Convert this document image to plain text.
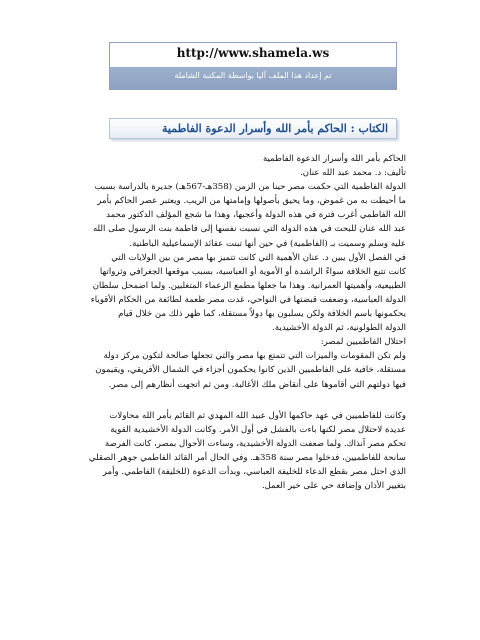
http://www.shamela.ws
تم إعداد هذا الملف آليا بواسطة المكتبة الشاملة
الكتاب : الحاكم بأمر الله وأسرار الدعوة الفاطمية

الحاكم بأمر الله وأسرار الدعوة الفاطمية

تأليف: د. محمد عبد الله عنان.

الدولة الفاطمية التي حكمت مصر حينا من الزمن (358هـ-567هـ) جديرة بالدراسة بسبب

ما أحيطت به من غموض، وما يحيق بأصولها وإمامتها من الريب. ويعتبر عصر الحاكم بأمر

الله الفاطمي أغرب فترة في هذه الدولة وأعجبها، وهذا ما شجع المؤلف الدكتور محمد

عبد الله عنان للبحث في هذه الدولة التي نسبت نفسها إلى فاطمة بنت الرسول صلى الله

عليه وسلم وسميت بـ (الفاطمية) في حين أنها تبنت عقائد الإسماعيلية الباطنية.

في الفصل الأول يبين د. عنان الأهمية التي كانت تتميز بها مصر من بين الولايات التي

كانت تتبع الخلافة سواءً الراشدة أو الأموية أو العباسية، بسبب موقعها الجغرافي وثرواتها

الطبيعية، وأهميتها العمرانية. وهذا ما جعلها مطمع الزعماء المتغلبين. ولما اضمحل سلطان

الدولة العباسية، وضعفت قبضتها في النواحي، غدت مصر طعمة لطائفة من الحكام الأقوياء

يحكمونها باسم الخلافة ولكن يسلبون بها دولاً مستقلة، كما ظهر ذلك من خلال قيام

الدولة الطولونية، ثم الدولة الأخشيدية.

احتلال الفاطميين لمصر:

ولم تكن المقومات والميزات التي تتمتع بها مصر والتي تجعلها صالحة لتكون مركز دولة

مستقلة، خافية على الفاطميين الذين كانوا يحكمون أجزاء في الشمال الأفريقي، ويقيمون

فيها دولتهم التي أقاموها على أنقاض ملك الأغالبة. ومن ثم اتجهت أنظارهم إلى مصر.

وكانت للفاطميين في عهد حاكمها الأول عبيد الله المهدي ثم القائم بأمر الله محاولات

عديدة لاحتلال مصر لكنها باءت بالفشل في أول الأمر. وكانت الدولة الأخشيدية القوية

تحكم مصر آنذاك. ولما ضعفت الدولة الأخشيدية، وساءت الأحوال بمصر، كانت الفرصة

سانحة للفاطميين، فدخلوا مصر سنة 358هـ. وفي الحال أمر القائد الفاطمي جوهر الصقلي

الذي احتل مصر بقطع الدعاء للخليفة العباسي، وبدأت الدعوة (للخليفة) الفاطمي. وأمر

بتغيير الأذان وإضافة حي على خير العمل.
